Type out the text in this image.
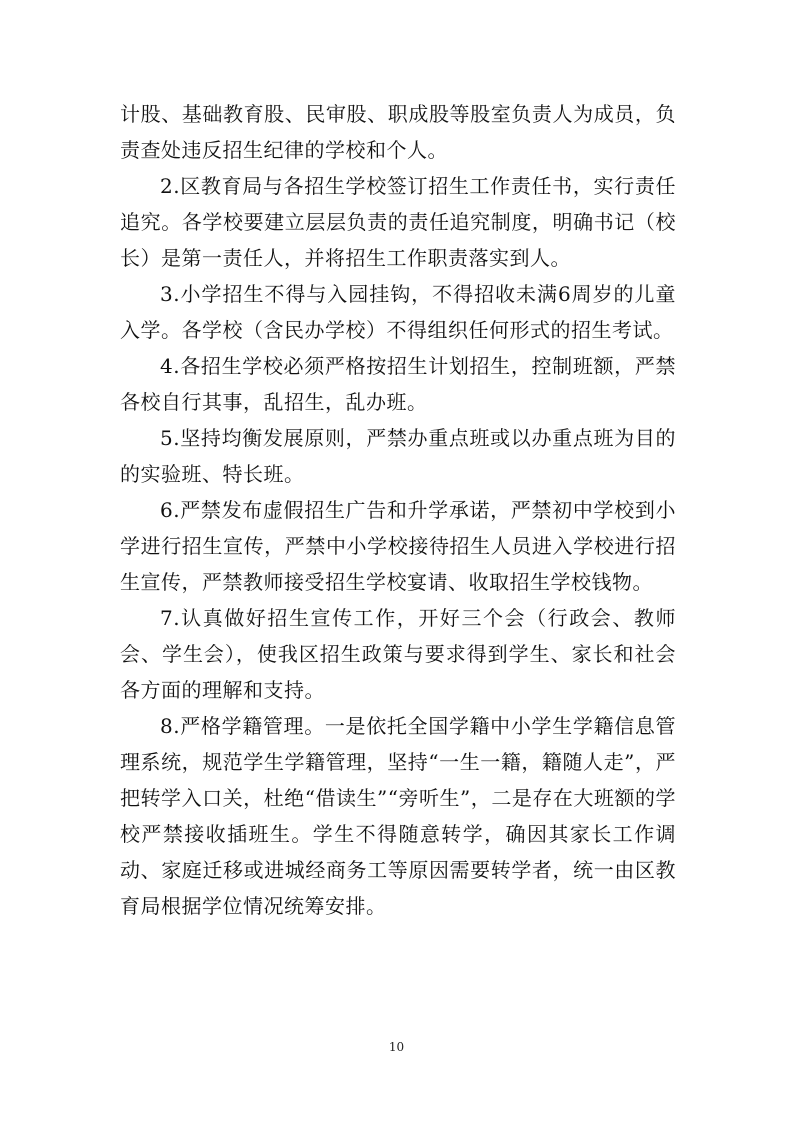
计股、基础教育股、民审股、职成股等股室负责人为成员，负责查处违反招生纪律的学校和个人。

2.区教育局与各招生学校签订招生工作责任书，实行责任追究。各学校要建立层层负责的责任追究制度，明确书记（校长）是第一责任人，并将招生工作职责落实到人。

3.小学招生不得与入园挂钩，不得招收未满6周岁的儿童入学。各学校（含民办学校）不得组织任何形式的招生考试。

4.各招生学校必须严格按招生计划招生，控制班额，严禁各校自行其事，乱招生，乱办班。

5.坚持均衡发展原则，严禁办重点班或以办重点班为目的的实验班、特长班。

6.严禁发布虚假招生广告和升学承诺，严禁初中学校到小学进行招生宣传，严禁中小学校接待招生人员进入学校进行招生宣传，严禁教师接受招生学校宴请、收取招生学校钱物。

7.认真做好招生宣传工作，开好三个会（行政会、教师会、学生会），使我区招生政策与要求得到学生、家长和社会各方面的理解和支持。

8.严格学籍管理。一是依托全国学籍中小学生学籍信息管理系统，规范学生学籍管理，坚持“一生一籍，籍随人走”，严把转学入口关，杜绝“借读生”“旁听生”，二是存在大班额的学校严禁接收插班生。学生不得随意转学，确因其家长工作调动、家庭迁移或进城经商务工等原因需要转学者，统一由区教育局根据学位情况统筹安排。

10
